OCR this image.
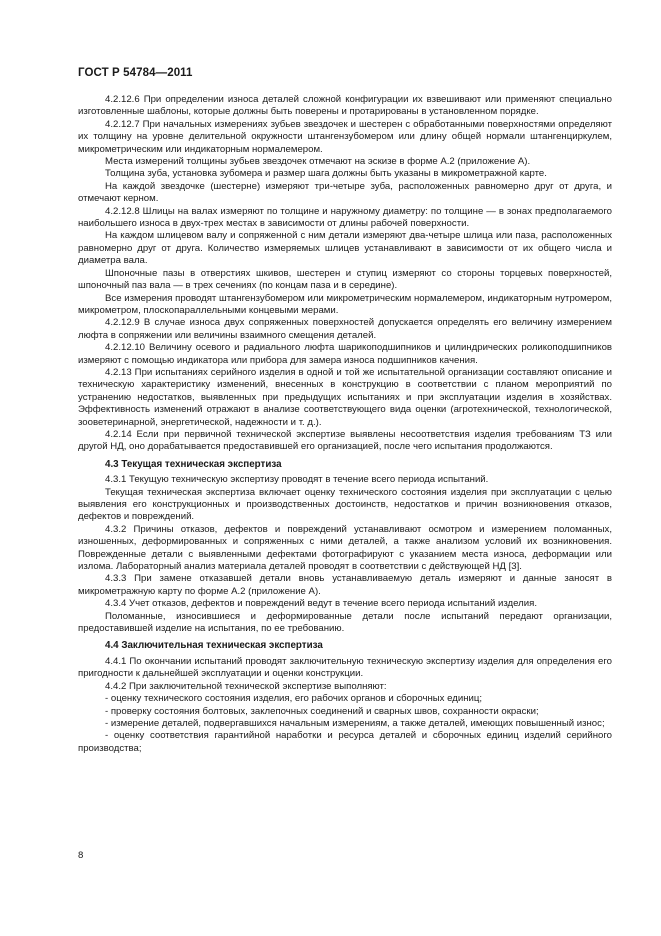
ГОСТ Р 54784—2011

4.2.12.6 При определении износа деталей сложной конфигурации их взвешивают или применяют специально изготовленные шаблоны, которые должны быть поверены и протарированы в установленном порядке.

4.2.12.7 При начальных измерениях зубьев звездочек и шестерен с обработанными поверхностями определяют их толщину на уровне делительной окружности штангензубомером или длину общей нормали штангенциркулем, микрометрическим или индикаторным нормалемером.

Места измерений толщины зубьев звездочек отмечают на эскизе в форме А.2 (приложение А).

Толщина зуба, установка зубомера и размер шага должны быть указаны в микрометражной карте.

На каждой звездочке (шестерне) измеряют три-четыре зуба, расположенных равномерно друг от друга, и отмечают керном.

4.2.12.8 Шлицы на валах измеряют по толщине и наружному диаметру: по толщине — в зонах предполагаемого наибольшего износа в двух-трех местах в зависимости от длины рабочей поверхности.

На каждом шлицевом валу и сопряженной с ним детали измеряют два-четыре шлица или паза, расположенных равномерно друг от друга. Количество измеряемых шлицев устанавливают в зависимости от их общего числа и диаметра вала.

Шпоночные пазы в отверстиях шкивов, шестерен и ступиц измеряют со стороны торцевых поверхностей, шпоночный паз вала — в трех сечениях (по концам паза и в середине).

Все измерения проводят штангензубомером или микрометрическим нормалемером, индикаторным нутромером, микрометром, плоскопараллельными концевыми мерами.

4.2.12.9 В случае износа двух сопряженных поверхностей допускается определять его величину измерением люфта в сопряжении или величины взаимного смещения деталей.

4.2.12.10 Величину осевого и радиального люфта шарикоподшипников и цилиндрических роликоподшипников измеряют с помощью индикатора или прибора для замера износа подшипников качения.

4.2.13 При испытаниях серийного изделия в одной и той же испытательной организации составляют описание и техническую характеристику изменений, внесенных в конструкцию в соответствии с планом мероприятий по устранению недостатков, выявленных при предыдущих испытаниях и при эксплуатации изделия в хозяйствах. Эффективность изменений отражают в анализе соответствующего вида оценки (агротехнической, технологической, зооветеринарной, энергетической, надежности и т. д.).

4.2.14 Если при первичной технической экспертизе выявлены несоответствия изделия требованиям ТЗ или другой НД, оно дорабатывается предоставившей его организацией, после чего испытания продолжаются.

4.3 Текущая техническая экспертиза

4.3.1 Текущую техническую экспертизу проводят в течение всего периода испытаний.

Текущая техническая экспертиза включает оценку технического состояния изделия при эксплуатации с целью выявления его конструкционных и производственных достоинств, недостатков и причин возникновения отказов, дефектов и повреждений.

4.3.2 Причины отказов, дефектов и повреждений устанавливают осмотром и измерением поломанных, изношенных, деформированных и сопряженных с ними деталей, а также анализом условий их возникновения. Поврежденные детали с выявленными дефектами фотографируют с указанием места износа, деформации или излома. Лабораторный анализ материала деталей проводят в соответствии с действующей НД [3].

4.3.3 При замене отказавшей детали вновь устанавливаемую деталь измеряют и данные заносят в микрометражную карту по форме А.2 (приложение А).

4.3.4 Учет отказов, дефектов и повреждений ведут в течение всего периода испытаний изделия.

Поломанные, износившиеся и деформированные детали после испытаний передают организации, предоставившей изделие на испытания, по ее требованию.

4.4 Заключительная техническая экспертиза

4.4.1 По окончании испытаний проводят заключительную техническую экспертизу изделия для определения его пригодности к дальнейшей эксплуатации и оценки конструкции.

4.4.2 При заключительной технической экспертизе выполняют:

- оценку технического состояния изделия, его рабочих органов и сборочных единиц;

- проверку состояния болтовых, заклепочных соединений и сварных швов, сохранности окраски;

- измерение деталей, подвергавшихся начальным измерениям, а также деталей, имеющих повышенный износ;

- оценку соответствия гарантийной наработки и ресурса деталей и сборочных единиц изделий серийного производства;

8
